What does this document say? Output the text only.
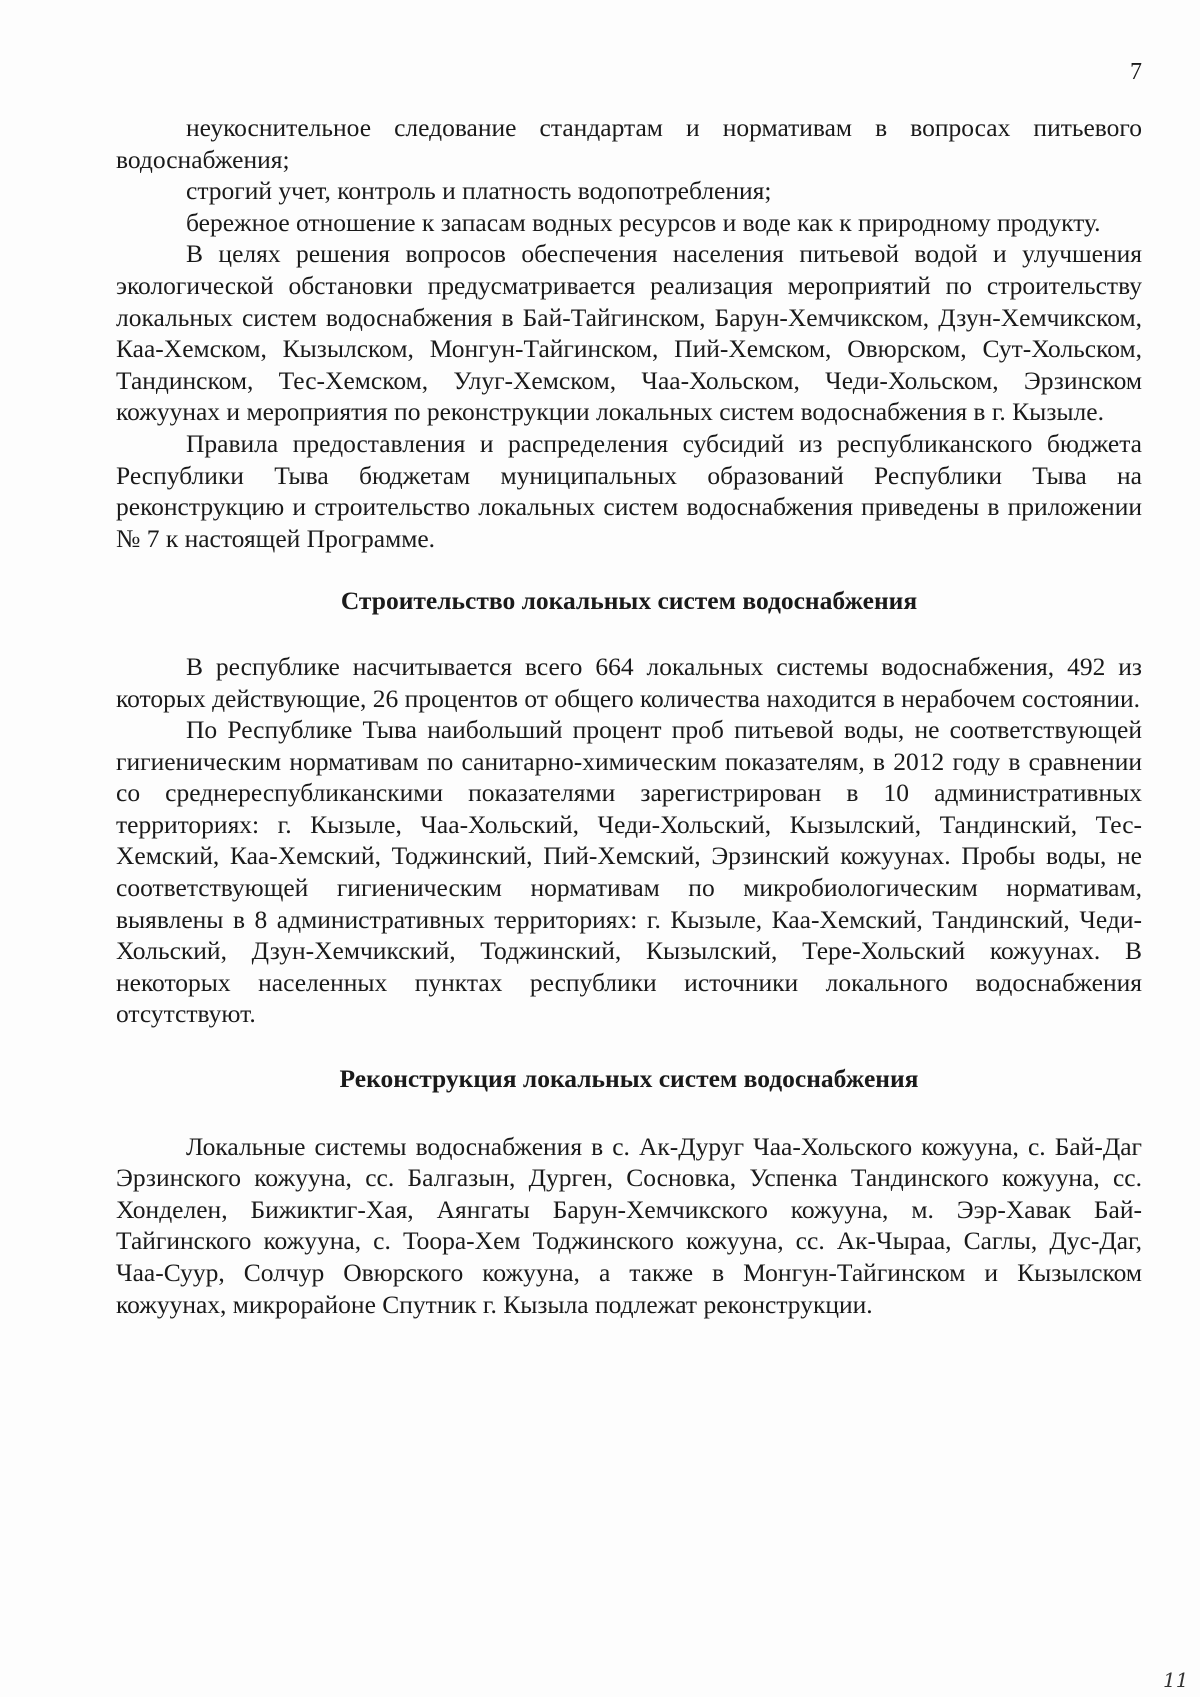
7

неукоснительное следование стандартам и нормативам в вопросах питьевого водоснабжения;

строгий учет, контроль и платность водопотребления;

бережное отношение к запасам водных ресурсов и воде как к природному продукту.

В целях решения вопросов обеспечения населения питьевой водой и улучшения экологической обстановки предусматривается реализация мероприятий по строительству локальных систем водоснабжения в Бай-Тайгинском, Барун-Хемчикском, Дзун-Хемчикском, Каа-Хемском, Кызылском, Монгун-Тайгинском, Пий-Хемском, Овюрском, Сут-Хольском, Тандинском, Тес-Хемском, Улуг-Хемском, Чаа-Хольском, Чеди-Хольском, Эрзинском кожуунах и мероприятия по реконструкции локальных систем водоснабжения в г. Кызыле.

Правила предоставления и распределения субсидий из республиканского бюджета Республики Тыва бюджетам муниципальных образований Республики Тыва на реконструкцию и строительство локальных систем водоснабжения приведены в приложении № 7 к настоящей Программе.

Строительство локальных систем водоснабжения

В республике насчитывается всего 664 локальных системы водоснабжения, 492 из которых действующие, 26 процентов от общего количества находится в нерабочем состоянии.

По Республике Тыва наибольший процент проб питьевой воды, не соответствующей гигиеническим нормативам по санитарно-химическим показателям, в 2012 году в сравнении со среднереспубликанскими показателями зарегистрирован в 10 административных территориях: г. Кызыле, Чаа-Хольский, Чеди-Хольский, Кызылский, Тандинский, Тес-Хемский, Каа-Хемский, Тоджинский, Пий-Хемский, Эрзинский кожуунах. Пробы воды, не соответствующей гигиеническим нормативам по микробиологическим нормативам, выявлены в 8 административных территориях: г. Кызыле, Каа-Хемский, Тандинский, Чеди-Хольский, Дзун-Хемчикский, Тоджинский, Кызылский, Тере-Хольский кожуунах. В некоторых населенных пунктах республики источники локального водоснабжения отсутствуют.

Реконструкция локальных систем водоснабжения

Локальные системы водоснабжения в с. Ак-Дуруг Чаа-Хольского кожууна, с. Бай-Даг Эрзинского кожууна, сс. Балгазын, Дурген, Сосновка, Успенка Тандинского кожууна, сс. Хонделен, Бижиктиг-Хая, Аянгаты Барун-Хемчикского кожууна, м. Ээр-Хавак Бай-Тайгинского кожууна, с. Тоора-Хем Тоджинского кожууна, сс. Ак-Чыраа, Саглы, Дус-Даг, Чаа-Суур, Солчур Овюрского кожууна, а также в Монгун-Тайгинском и Кызылском кожуунах, микрорайоне Спутник г. Кызыла подлежат реконструкции.

11
